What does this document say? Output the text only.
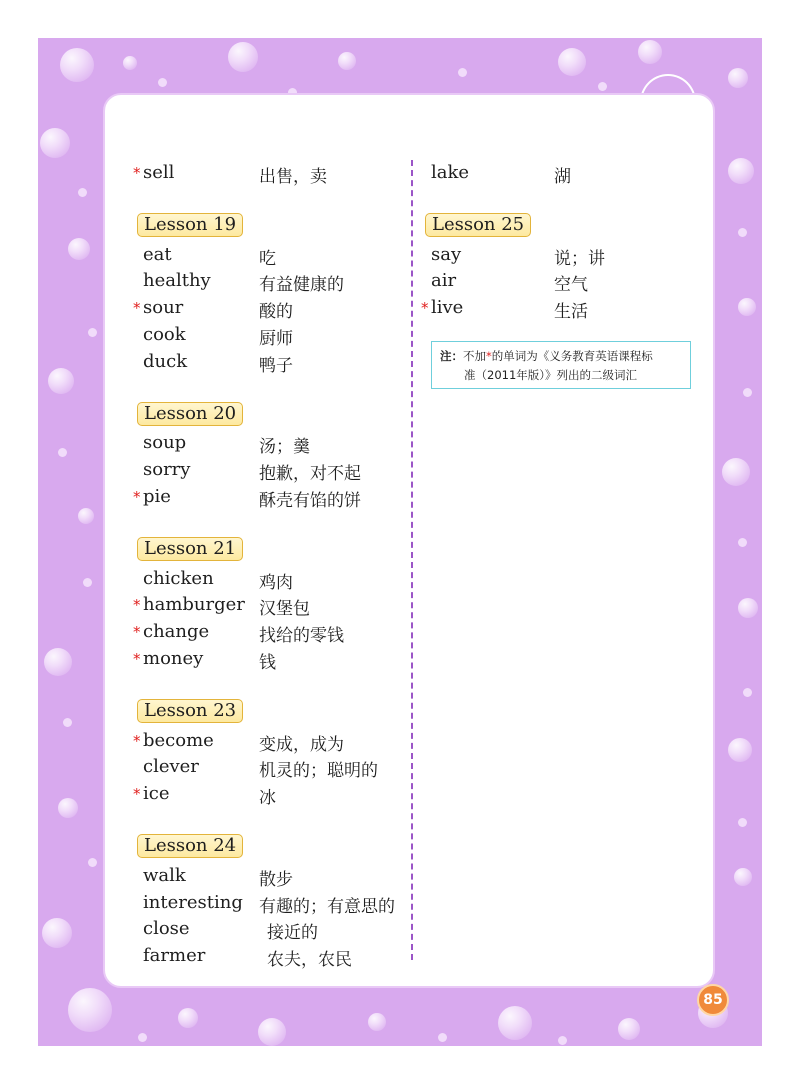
* sell	出售，卖
Lesson 19
eat	吃
healthy	有益健康的
* sour	酸的
cook	厨师
duck	鸭子
Lesson 20
soup	汤；羹
sorry	抱歉，对不起
* pie	酥壳有馅的饼
Lesson 21
chicken	鸡肉
* hamburger 汉堡包
* change	找给的零钱
* money	钱
Lesson 23
* become	变成，成为
clever	机灵的；聪明的
* ice	冰
Lesson 24
walk	散步
interesting 有趣的；有意思的
close	接近的
farmer	农夫，农民
lake	湖
Lesson 25
say	说；讲
air	空气
* live	生活
注：不加*的单词为《义务教育英语课程标
准（2011年版）》列出的二级词汇
85
